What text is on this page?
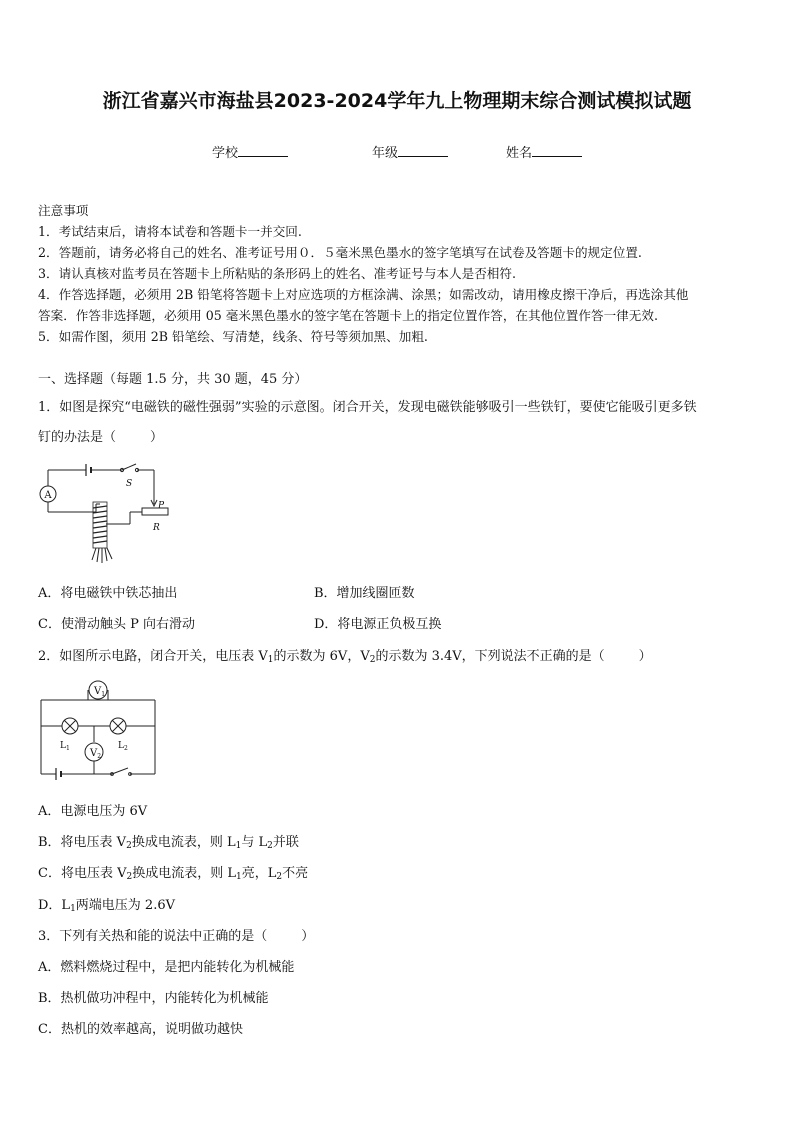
浙江省嘉兴市海盐县2023-2024学年九上物理期末综合测试模拟试题
学校	年级	姓名
注意事项
1．考试结束后，请将本试卷和答题卡一并交回.
2．答题前，请务必将自己的姓名、准考证号用０．５毫米黑色墨水的签字笔填写在试卷及答题卡的规定位置.
3．请认真核对监考员在答题卡上所粘贴的条形码上的姓名、准考证号与本人是否相符.
4．作答选择题，必须用 2B 铅笔将答题卡上对应选项的方框涂满、涂黑；如需改动，请用橡皮擦干净后，再选涂其他
答案．作答非选择题，必须用 05 毫米黑色墨水的签字笔在答题卡上的指定位置作答，在其他位置作答一律无效.
5．如需作图，须用 2B 铅笔绘、写清楚，线条、符号等须加黑、加粗.
一、选择题（每题 1.5 分，共 30 题，45 分）
1．如图是探究“电磁铁的磁性强弱”实验的示意图。闭合开关，发现电磁铁能够吸引一些铁钉，要使它能吸引更多铁
钉的办法是（	）
A
S
P
R
A．将电磁铁中铁芯抽出	B．增加线圈匝数
C．使滑动触头 P 向右滑动	D．将电源正负极互换
2．如图所示电路，闭合开关，电压表 $V_1$的示数为 6V，$V_2$的示数为 3.4V，下列说法不正确的是（	）
$V_1$
$V_2$
$L_1$	$L_2$
A．电源电压为 6V
B．将电压表 $V_2$换成电流表，则 $L_1$与 $L_2$并联
C．将电压表 $V_2$换成电流表，则 $L_1$亮，$L_2$不亮
D．$L_1$两端电压为 2.6V
3．下列有关热和能的说法中正确的是（	）
A．燃料燃烧过程中，是把内能转化为机械能
B．热机做功冲程中，内能转化为机械能
C．热机的效率越高，说明做功越快
